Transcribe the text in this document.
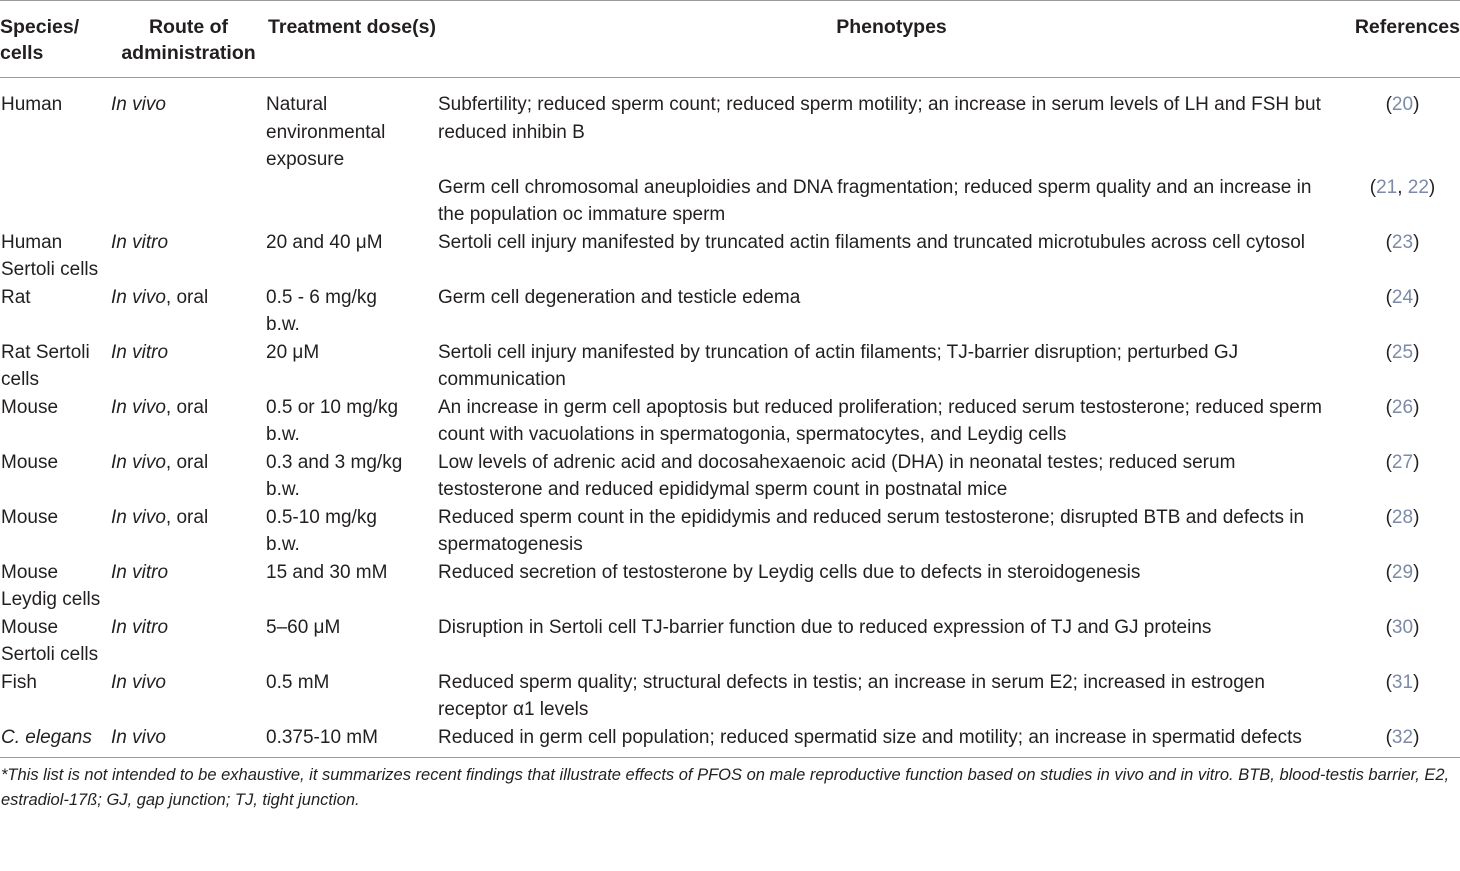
Species/ cells	Route of administration	Treatment dose(s)	Phenotypes	References
Human	In vivo	Natural environmental exposure	Subfertility; reduced sperm count; reduced sperm motility; an increase in serum levels of LH and FSH but reduced inhibin B	(20)
			Germ cell chromosomal aneuploidies and DNA fragmentation; reduced sperm quality and an increase in the population oc immature sperm	(21, 22)
Human Sertoli cells	In vitro	20 and 40 μM	Sertoli cell injury manifested by truncated actin filaments and truncated microtubules across cell cytosol	(23)
Rat	In vivo, oral	0.5 - 6 mg/kg b.w.	Germ cell degeneration and testicle edema	(24)
Rat Sertoli cells	In vitro	20 μM	Sertoli cell injury manifested by truncation of actin filaments; TJ-barrier disruption; perturbed GJ communication	(25)
Mouse	In vivo, oral	0.5 or 10 mg/kg b.w.	An increase in germ cell apoptosis but reduced proliferation; reduced serum testosterone; reduced sperm count with vacuolations in spermatogonia, spermatocytes, and Leydig cells	(26)
Mouse	In vivo, oral	0.3 and 3 mg/kg b.w.	Low levels of adrenic acid and docosahexaenoic acid (DHA) in neonatal testes; reduced serum testosterone and reduced epididymal sperm count in postnatal mice	(27)
Mouse	In vivo, oral	0.5-10 mg/kg b.w.	Reduced sperm count in the epididymis and reduced serum testosterone; disrupted BTB and defects in spermatogenesis	(28)
Mouse Leydig cells	In vitro	15 and 30 mM	Reduced secretion of testosterone by Leydig cells due to defects in steroidogenesis	(29)
Mouse Sertoli cells	In vitro	5–60 μM	Disruption in Sertoli cell TJ-barrier function due to reduced expression of TJ and GJ proteins	(30)
Fish	In vivo	0.5 mM	Reduced sperm quality; structural defects in testis; an increase in serum E2; increased in estrogen receptor α1 levels	(31)
C. elegans	In vivo	0.375-10 mM	Reduced in germ cell population; reduced spermatid size and motility; an increase in spermatid defects	(32)
*This list is not intended to be exhaustive, it summarizes recent findings that illustrate effects of PFOS on male reproductive function based on studies in vivo and in vitro. BTB, blood-testis barrier, E2, estradiol-17ß; GJ, gap junction; TJ, tight junction.
